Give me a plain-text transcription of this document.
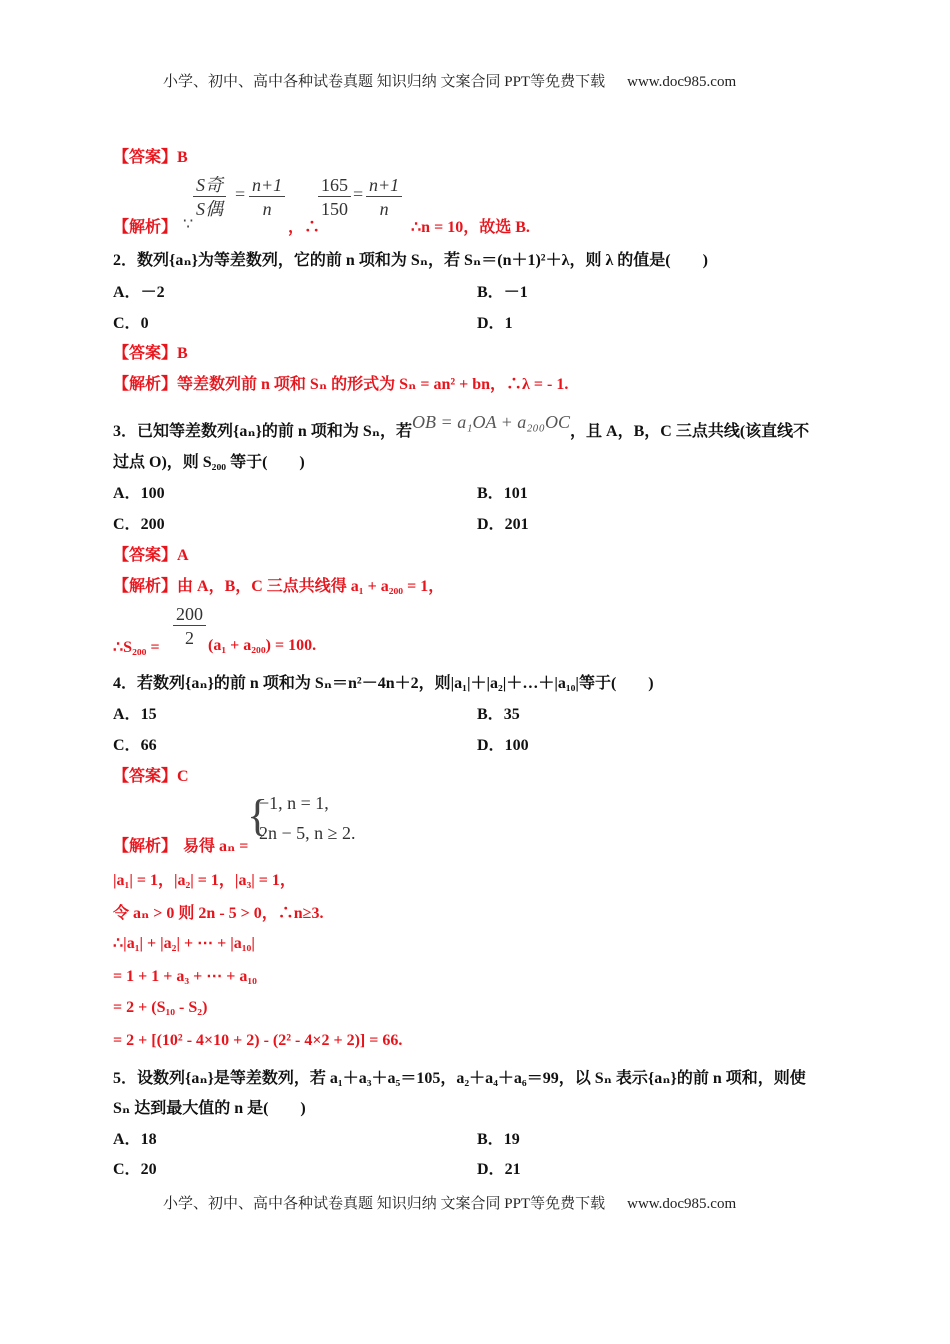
小学、初中、高中各种试卷真题 知识归纳 文案合同 PPT等免费下载 www.doc985.com
【答案】B
【解析】 ∵
S奇
S偶
= $\frac{n+1}{n}$
，∴
$\frac{165}{150} = \frac{n+1}{n}$
∴n = 10，故选 B.
2．数列{aₙ}为等差数列，它的前 n 项和为 Sₙ，若 Sₙ＝(n＋1)²＋λ，则 λ 的值是(　　)
A．－2	B．－1
C．0	D．1
【答案】B
【解析】等差数列前 n 项和 Sₙ 的形式为 Sₙ = an² + bn，∴λ = - 1.
3．已知等差数列{aₙ}的前 n 项和为 Sₙ，若OB = a₁OA + a₂₀₀OC，且 A，B，C 三点共线(该直线不
过点 O)，则 S₂₀₀ 等于(　　)
A．100	B．101
C．200	D．201
【答案】A
【解析】由 A，B，C 三点共线得 a₁ + a₂₀₀ = 1，
∴S₂₀₀ = $\frac{200}{2} (a_1 + a_{200}) = 100$.
4．若数列{aₙ}的前 n 项和为 Sₙ＝n²－4n＋2，则|a₁|＋|a₂|＋…＋|a₁₀|等于(　　)
A．15	B．35
C．66	D．100
【答案】C
【解析】 易得 aₙ =
{
−1, n = 1,
2n − 5, n ≥ 2.
|a₁| = 1，|a₂| = 1，|a₃| = 1，
令 aₙ > 0 则 2n - 5 > 0，∴n≥3.
∴|a₁| + |a₂| + ⋯ + |a₁₀|
= 1 + 1 + a₃ + ⋯ + a₁₀
= 2 + (S₁₀ - S₂)
= 2 + [(10² - 4×10 + 2) - (2² - 4×2 + 2)] = 66.
5．设数列{aₙ}是等差数列，若 a₁＋a₃＋a₅＝105，a₂＋a₄＋a₆＝99，以 Sₙ 表示{aₙ}的前 n 项和，则使
Sₙ 达到最大值的 n 是(　　)
A．18	B．19
C．20	D．21
小学、初中、高中各种试卷真题 知识归纳 文案合同 PPT等免费下载 www.doc985.com
